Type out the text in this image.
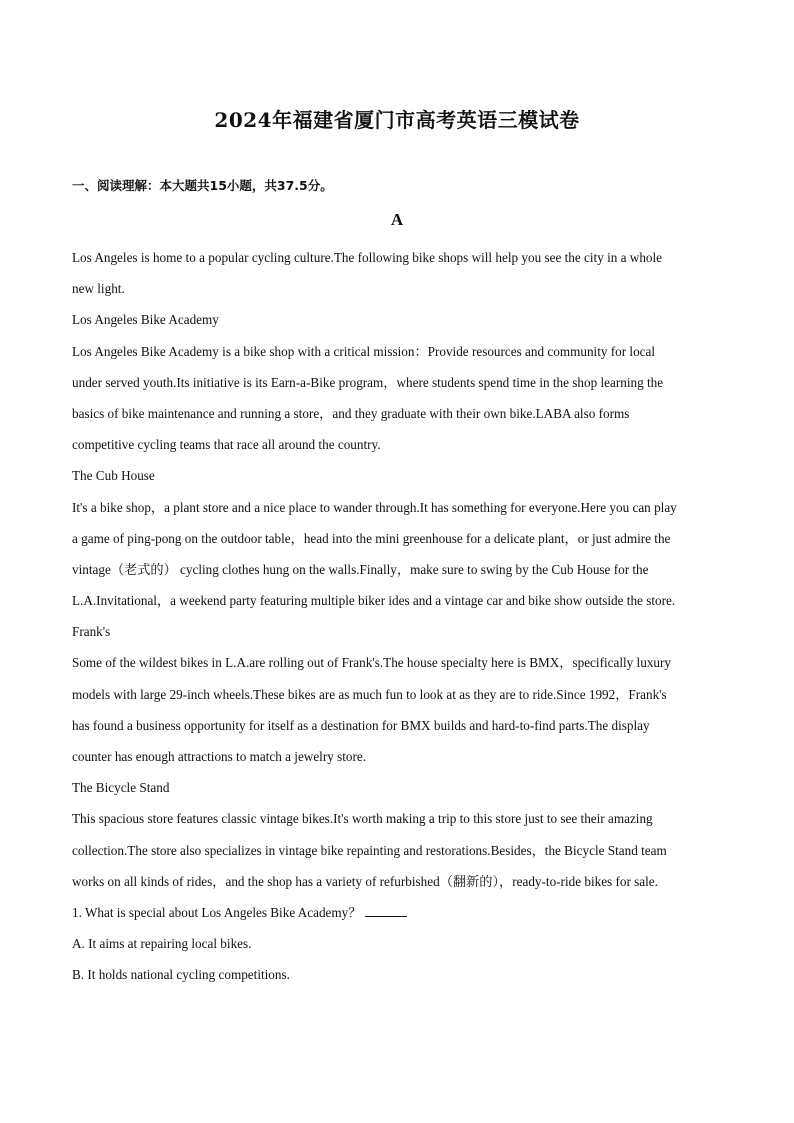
2024年福建省厦门市高考英语三模试卷
一、阅读理解：本大题共15小题，共37.5分。
A
Los Angeles is home to a popular cycling culture.The following bike shops will help you see the city in a whole
new light.
Los Angeles Bike Academy
Los Angeles Bike Academy is a bike shop with a critical mission：Provide resources and community for local
under served youth.Its initiative is its Earn-a-Bike program，where students spend time in the shop learning the
basics of bike maintenance and running a store，and they graduate with their own bike.LABA also forms
competitive cycling teams that race all around the country.
The Cub House
It's a bike shop，a plant store and a nice place to wander through.It has something for everyone.Here you can play
a game of ping-pong on the outdoor table，head into the mini greenhouse for a delicate plant，or just admire the
vintage（老式的） cycling clothes hung on the walls.Finally，make sure to swing by the Cub House for the
L.A.Invitational，a weekend party featuring multiple biker ides and a vintage car and bike show outside the store.
Frank's
Some of the wildest bikes in L.A.are rolling out of Frank's.The house specialty here is BMX，specifically luxury
models with large 29-inch wheels.These bikes are as much fun to look at as they are to ride.Since 1992，Frank's
has found a business opportunity for itself as a destination for BMX builds and hard-to-find parts.The display
counter has enough attractions to match a jewelry store.
The Bicycle Stand
This spacious store features classic vintage bikes.It's worth making a trip to this store just to see their amazing
collection.The store also specializes in vintage bike repainting and restorations.Besides，the Bicycle Stand team
works on all kinds of rides，and the shop has a variety of refurbished（翻新的），ready-to-ride bikes for sale.
1. What is special about Los Angeles Bike Academy？
A. It aims at repairing local bikes.
B. It holds national cycling competitions.
